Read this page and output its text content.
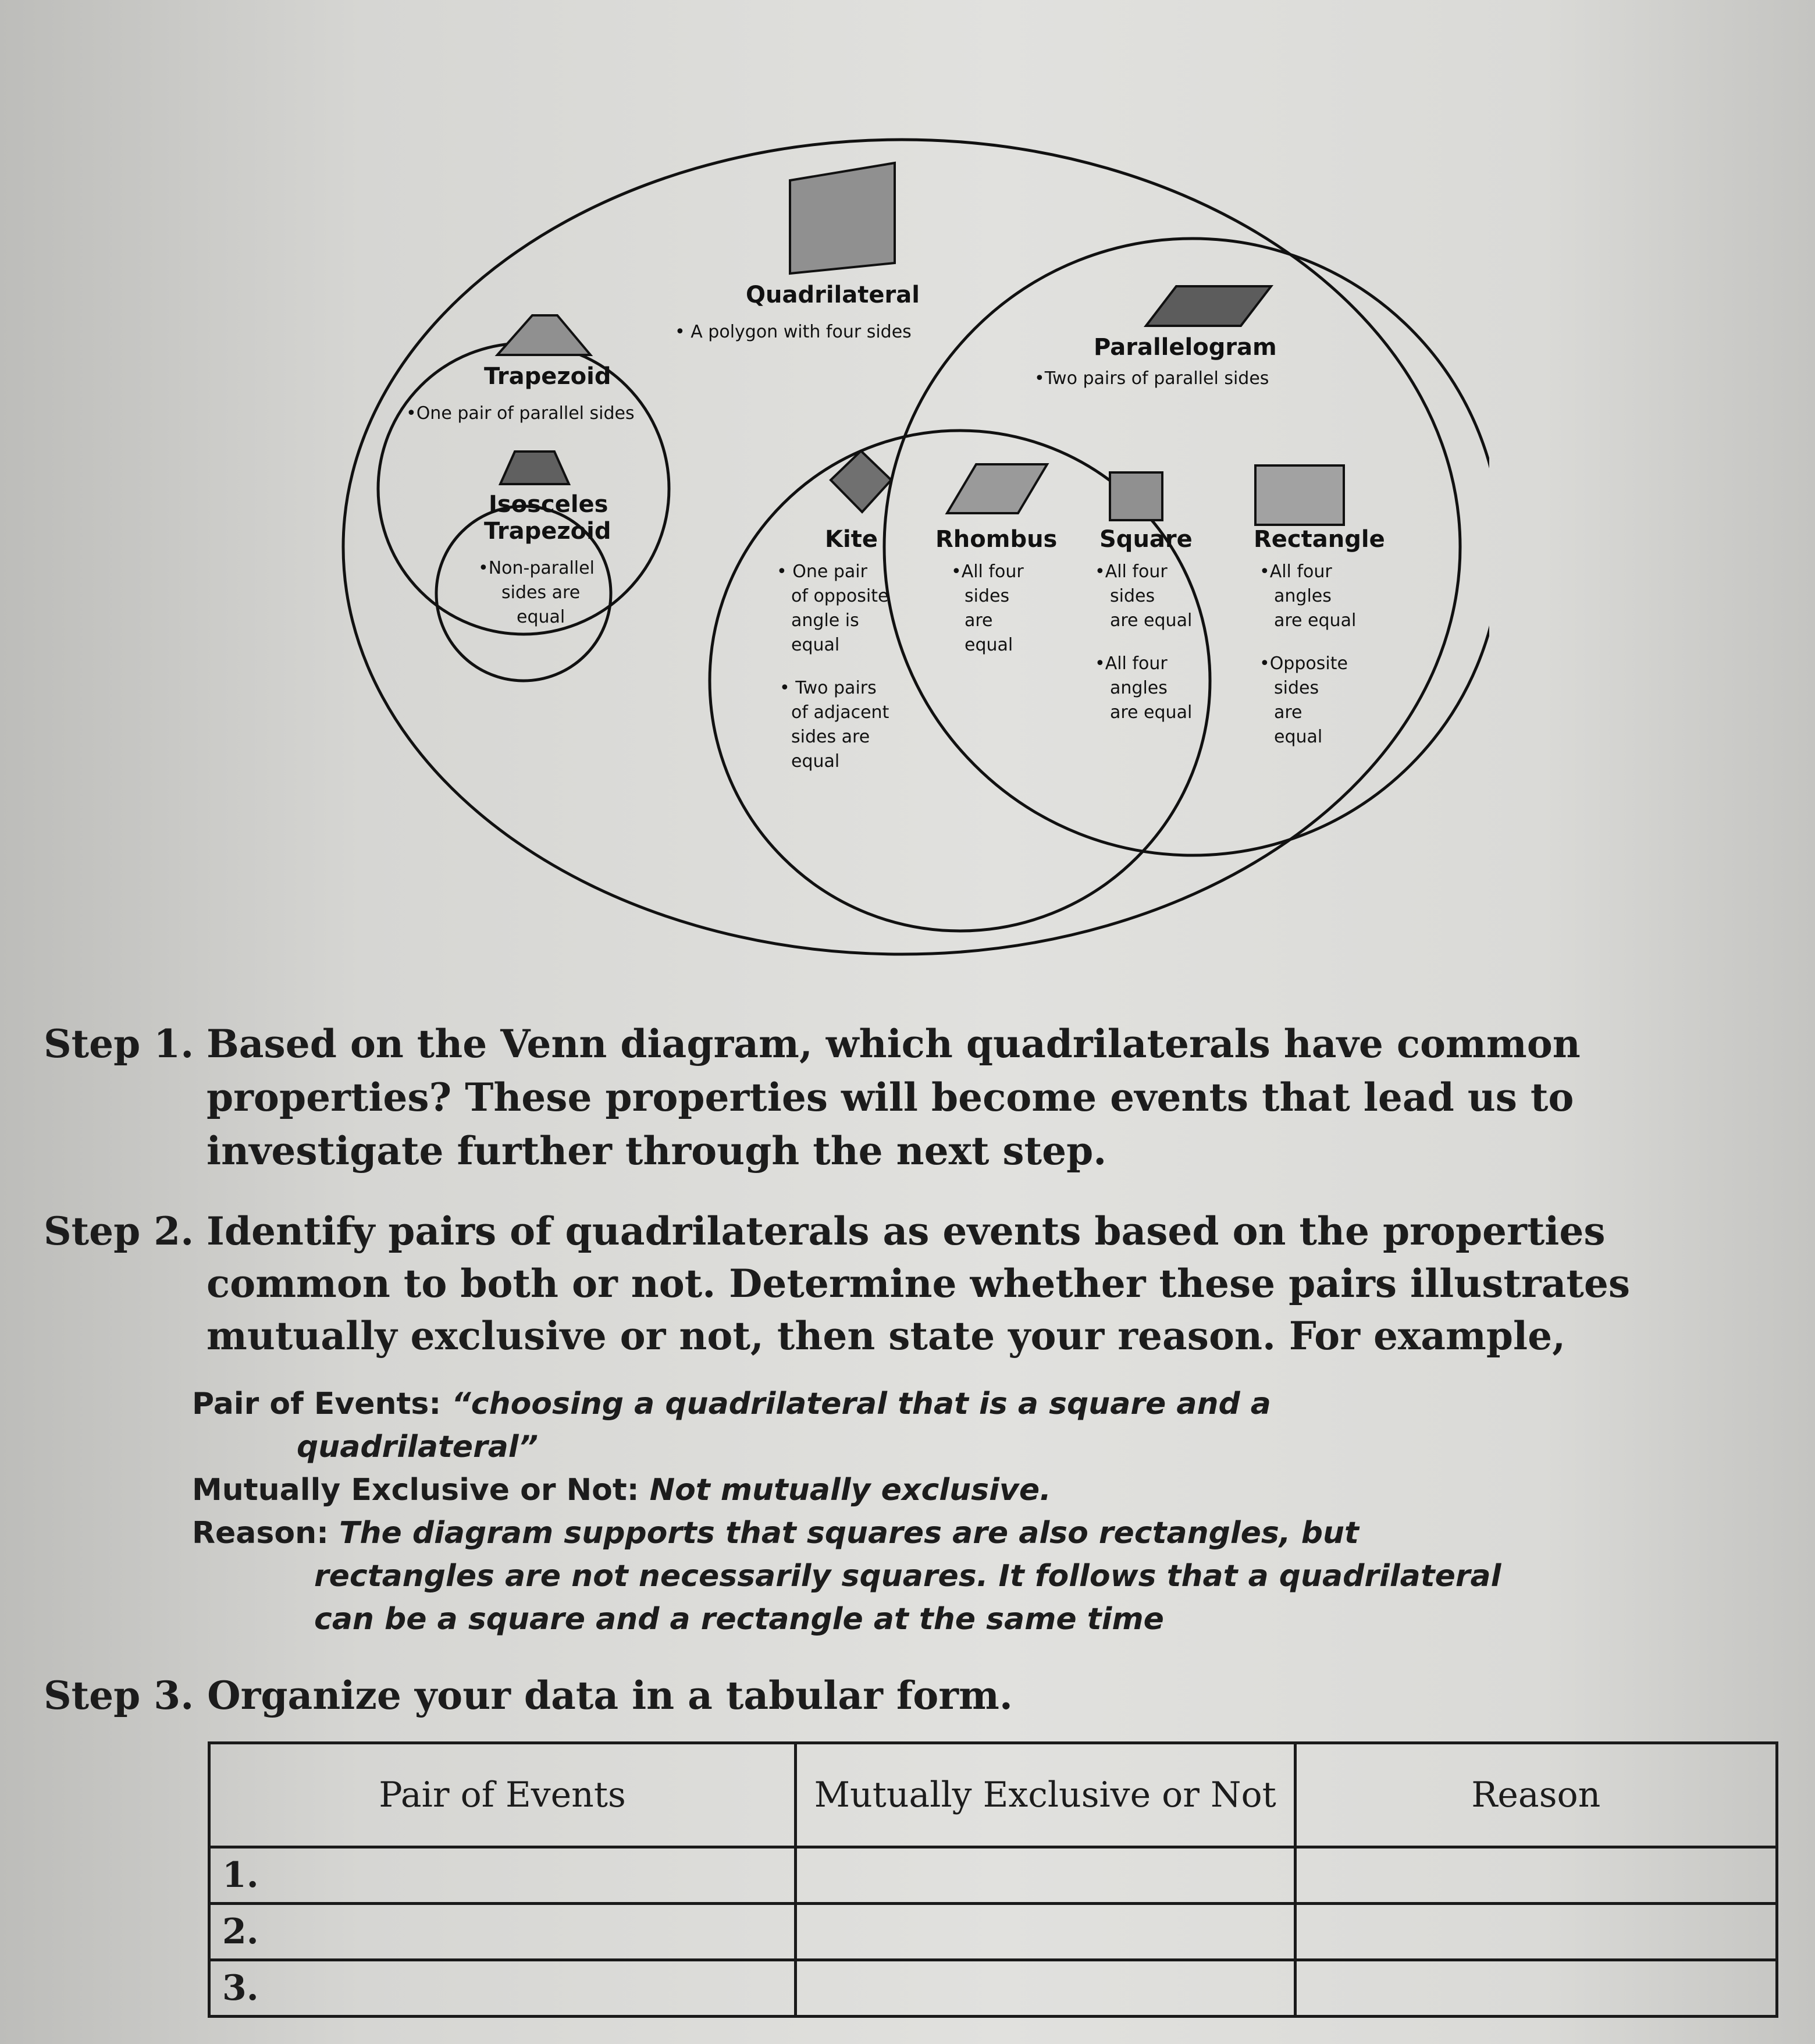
Quadrilateral
• A polygon with four sides
Trapezoid
•One pair of parallel sides
Isosceles
Trapezoid
•Non-parallel
sides are
equal
Parallelogram
•Two pairs of parallel sides
Kite
• One pair
of opposite
angle is
equal
• Two pairs
of adjacent
sides are
equal
Rhombus
•All four
sides
are
equal
Square
•All four
sides
are equal
•All four
angles
are equal
Rectangle
•All four
angles
are equal
•Opposite
sides
are
equal
Step 1. Based on the Venn diagram, which quadrilaterals have common
properties? These properties will become events that lead us to
investigate further through the next step.
Step 2. Identify pairs of quadrilaterals as events based on the properties
common to both or not. Determine whether these pairs illustrates
mutually exclusive or not, then state your reason. For example,
Pair of Events: “choosing a quadrilateral that is a square and a
quadrilateral”
Mutually Exclusive or Not: Not mutually exclusive.
Reason: The diagram supports that squares are also rectangles, but
rectangles are not necessarily squares. It follows that a quadrilateral
can be a square and a rectangle at the same time
Step 3. Organize your data in a tabular form.
Pair of Events	Mutually Exclusive or Not	Reason
1.		
2.		
3.		
